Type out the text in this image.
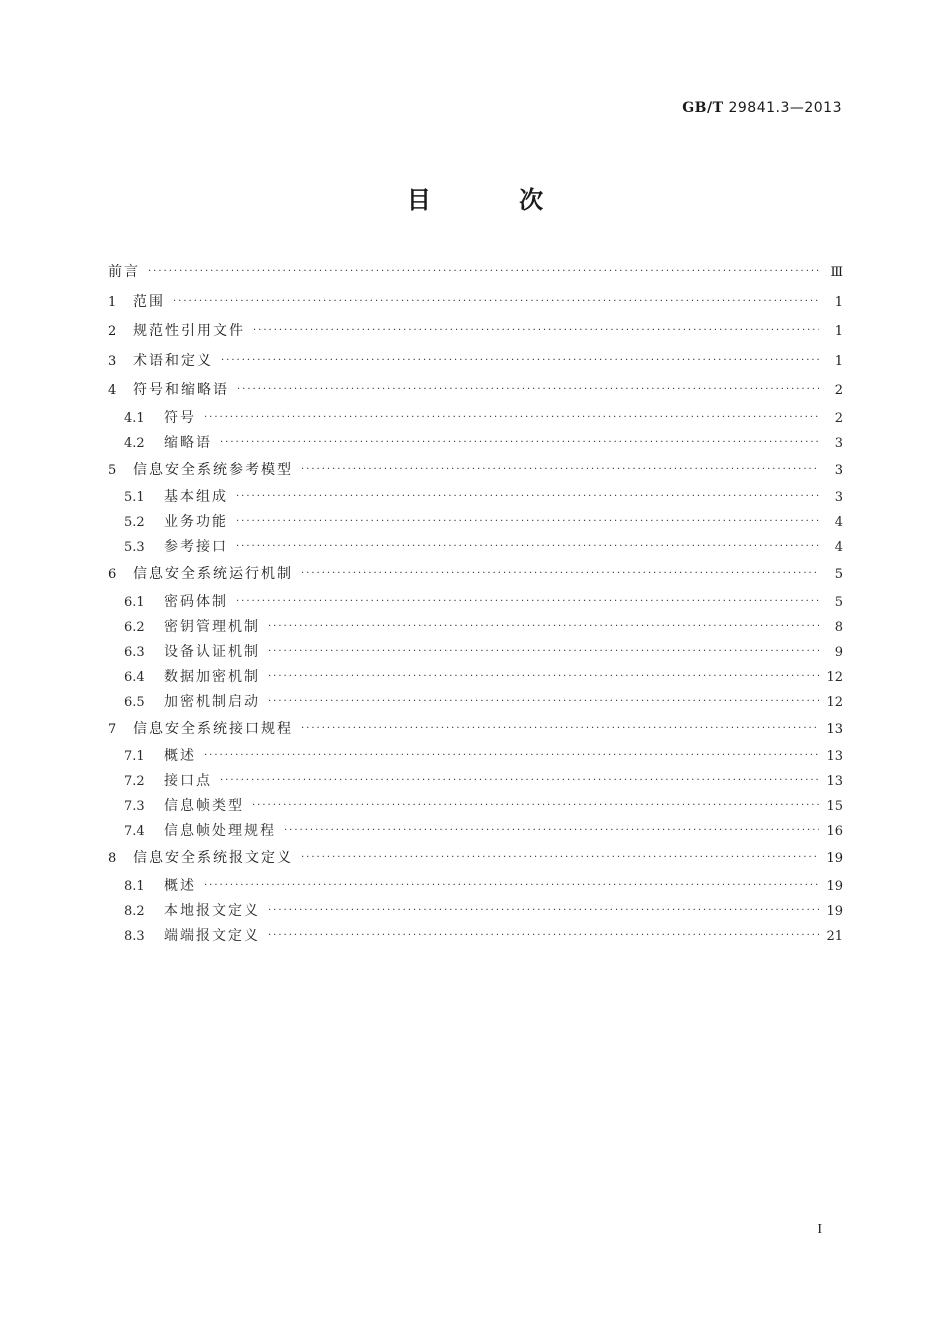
GB/T 29841.3—2013
目 次
前言 ·····	Ⅲ
1	范围 ·····	1
2	规范性引用文件 ·····	1
3	术语和定义 ·····	1
4	符号和缩略语 ·····	2
4.1	符号 ·····	2
4.2	缩略语 ·····	3
5	信息安全系统参考模型 ·····	3
5.1	基本组成 ·····	3
5.2	业务功能 ·····	4
5.3	参考接口 ·····	4
6	信息安全系统运行机制 ·····	5
6.1	密码体制 ·····	5
6.2	密钥管理机制 ·····	8
6.3	设备认证机制 ·····	9
6.4	数据加密机制 ·····	12
6.5	加密机制启动 ·····	12
7	信息安全系统接口规程 ·····	13
7.1	概述 ·····	13
7.2	接口点 ·····	13
7.3	信息帧类型 ·····	15
7.4	信息帧处理规程 ·····	16
8	信息安全系统报文定义 ·····	19
8.1	概述 ·····	19
8.2	本地报文定义 ·····	19
8.3	端端报文定义 ·····	21
I
